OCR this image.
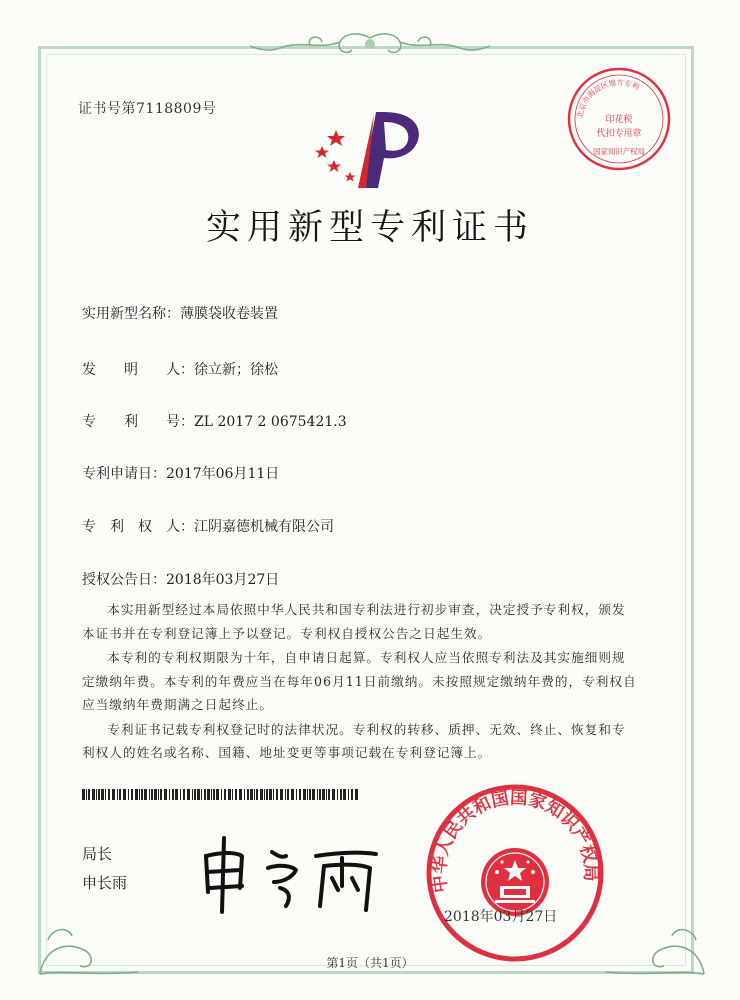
证书号第7118809号	北京市海淀区地方专利
印花税
代扣专用章
国家知识产权局
实用新型专利证书
实用新型名称：薄膜袋收卷装置
发　　明　　人：徐立新；徐松
专　　利　　号：ZL 2017 2 0675421.3
专利申请日：2017年06月11日
专　利　权　人：江阴嘉德机械有限公司
授权公告日：2018年03月27日

本实用新型经过本局依照中华人民共和国专利法进行初步审查，决定授予专利权，颁发本证书并在专利登记簿上予以登记。专利权自授权公告之日起生效。

本专利的专利权期限为十年，自申请日起算。专利权人应当依照专利法及其实施细则规定缴纳年费。本专利的年费应当在每年06月11日前缴纳。未按照规定缴纳年费的，专利权自应当缴纳年费期满之日起终止。

专利证书记载专利权登记时的法律状况。专利权的转移、质押、无效、终止、恢复和专利权人的姓名或名称、国籍、地址变更等事项记载在专利登记簿上。

局长
申长雨	中华人民共和国国家知识产权局
2018年03月27日
第1页（共1页）
